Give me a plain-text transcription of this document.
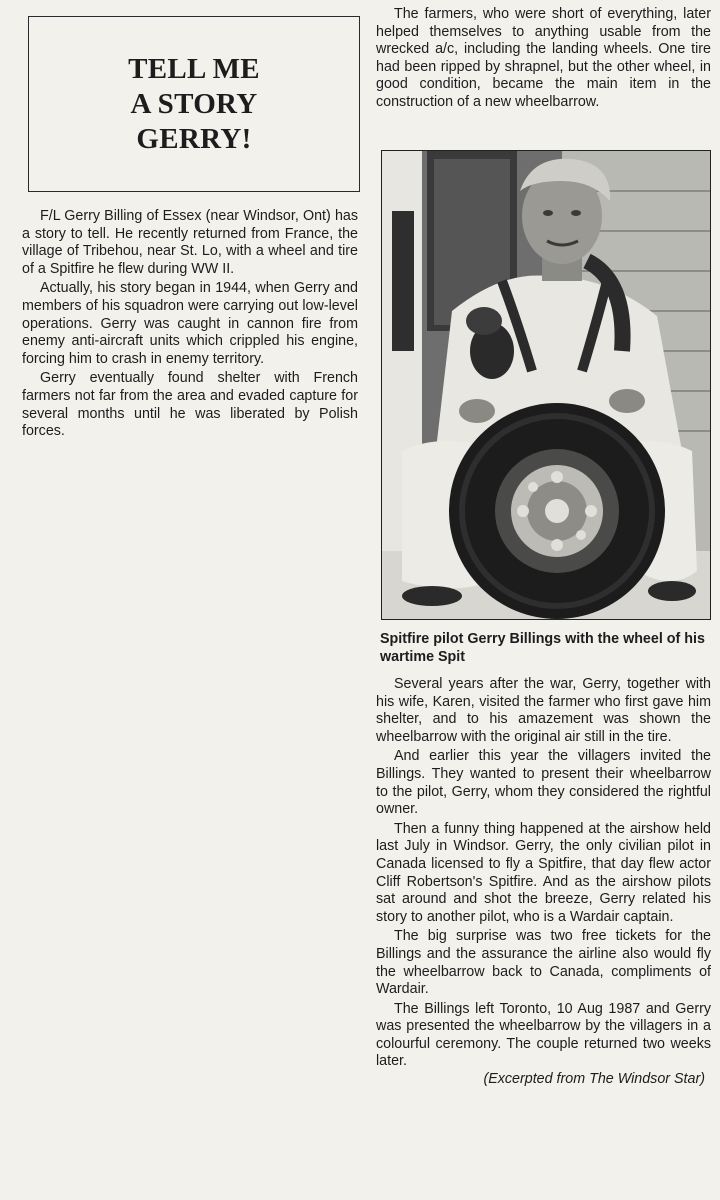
TELL ME
A STORY
GERRY!

F/L Gerry Billing of Essex (near Windsor, Ont) has a story to tell. He recently returned from France, the village of Tribehou, near St. Lo, with a wheel and tire of a Spitfire he flew during WW II.

Actually, his story began in 1944, when Gerry and members of his squadron were carrying out low-level operations. Gerry was caught in cannon fire from enemy anti-aircraft units which crippled his engine, forcing him to crash in enemy territory.

Gerry eventually found shelter with French farmers not far from the area and evaded capture for several months until he was liberated by Polish forces.

The farmers, who were short of everything, later helped themselves to anything usable from the wrecked a/c, including the landing wheels. One tire had been ripped by shrapnel, but the other wheel, in good condition, became the main item in the construction of a new wheelbarrow.

Spitfire pilot Gerry Billings with the wheel of his wartime Spit

Several years after the war, Gerry, together with his wife, Karen, visited the farmer who first gave him shelter, and to his amazement was shown the wheelbarrow with the original air still in the tire.

And earlier this year the villagers invited the Billings. They wanted to present their wheelbarrow to the pilot, Gerry, whom they considered the rightful owner.

Then a funny thing happened at the airshow held last July in Windsor. Gerry, the only civilian pilot in Canada licensed to fly a Spitfire, that day flew actor Cliff Robertson's Spitfire. And as the airshow pilots sat around and shot the breeze, Gerry related his story to another pilot, who is a Wardair captain.

The big surprise was two free tickets for the Billings and the assurance the airline also would fly the wheelbarrow back to Canada, compliments of Wardair.

The Billings left Toronto, 10 Aug 1987 and Gerry was presented the wheelbarrow by the villagers in a colourful ceremony. The couple returned two weeks later.

(Excerpted from The Windsor Star)
